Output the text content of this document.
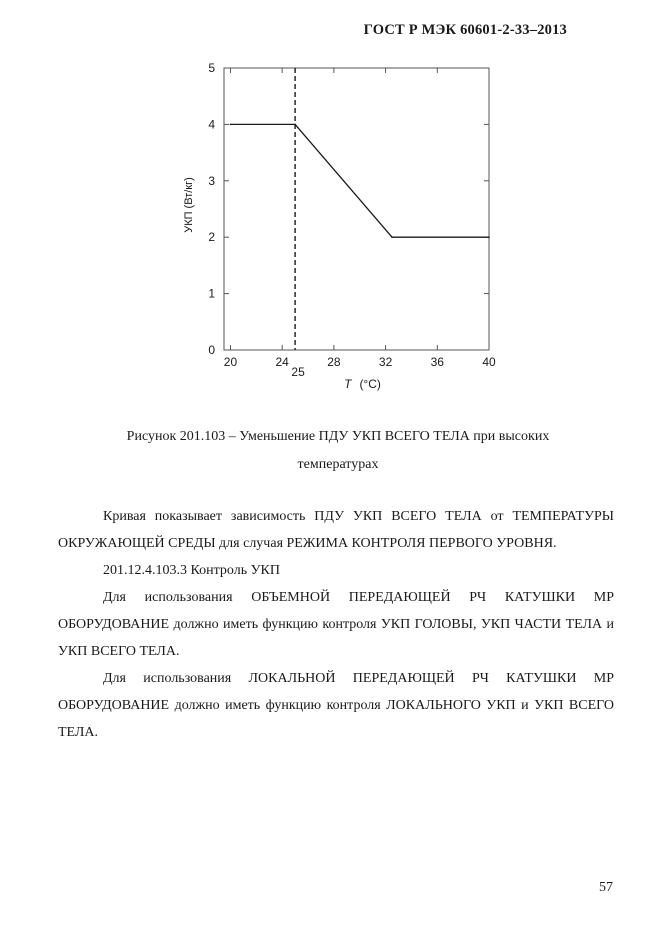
ГОСТ Р МЭК 60601-2-33–2013
0
1
2
3
4
5
20	24	28	32	36	40
25
T (°C)
УКП (Вт/кг)
Рисунок 201.103 – Уменьшение ПДУ УКП ВСЕГО ТЕЛА при высоких
температурах

Кривая показывает зависимость ПДУ УКП ВСЕГО ТЕЛА от ТЕМПЕРАТУРЫ ОКРУЖАЮЩЕЙ СРЕДЫ для случая РЕЖИМА КОНТРОЛЯ ПЕРВОГО УРОВНЯ.

201.12.4.103.3 Контроль УКП

Для использования ОБЪЕМНОЙ ПЕРЕДАЮЩЕЙ РЧ КАТУШКИ МР ОБОРУДОВАНИЕ должно иметь функцию контроля УКП ГОЛОВЫ, УКП ЧАСТИ ТЕЛА и УКП ВСЕГО ТЕЛА.

Для использования ЛОКАЛЬНОЙ ПЕРЕДАЮЩЕЙ РЧ КАТУШКИ МР ОБОРУДОВАНИЕ должно иметь функцию контроля ЛОКАЛЬНОГО УКП и УКП ВСЕГО ТЕЛА.

57
